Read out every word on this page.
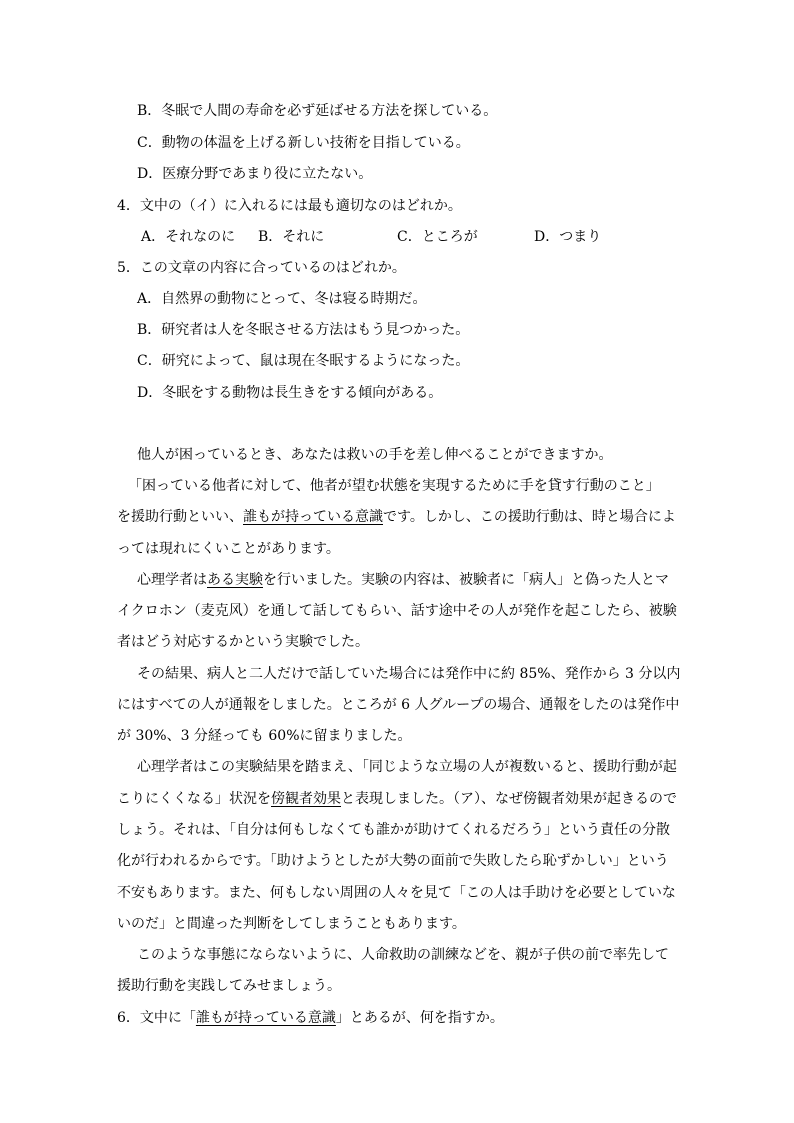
B．冬眠で人間の寿命を必ず延ばせる方法を探している。
C．動物の体温を上げる新しい技術を目指している。
D．医療分野であまり役に立たない。
4．文中の（イ）に入れるには最も適切なのはどれか。
A．それなのに B．それに	C．ところが	D．つまり
5．この文章の内容に合っているのはどれか。
A．自然界の動物にとって、冬は寝る時期だ。
B．研究者は人を冬眠させる方法はもう見つかった。
C．研究によって、鼠は現在冬眠するようになった。
D．冬眠をする動物は長生きをする傾向がある。
他人が困っているとき、あなたは救いの手を差し伸べることができますか。
「困っている他者に対して、他者が望む状態を実現するために手を貸す行動のこと」
を援助行動といい、誰もが持っている意識です。しかし、この援助行動は、時と場合によ
っては現れにくいことがあります。
心理学者はある実験を行いました。実験の内容は、被験者に「病人」と偽った人とマ
イクロホン（麦克风）を通して話してもらい、話す途中その人が発作を起こしたら、被験
者はどう対応するかという実験でした。
その結果、病人と二人だけで話していた場合には発作中に約 85%、発作から 3 分以内
にはすべての人が通報をしました。ところが 6 人グループの場合、通報をしたのは発作中
が 30%、3 分経っても 60%に留まりました。
心理学者はこの実験結果を踏まえ、「同じような立場の人が複数いると、援助行動が起
こりにくくなる」状況を傍観者効果と表現しました。（ア）、なぜ傍観者効果が起きるので
しょう。それは、「自分は何もしなくても誰かが助けてくれるだろう」という責任の分散
化が行われるからです。「助けようとしたが大勢の面前で失敗したら恥ずかしい」という
不安もあります。また、何もしない周囲の人々を見て「この人は手助けを必要としていな
いのだ」と間違った判断をしてしまうこともあります。
このような事態にならないように、人命救助の訓練などを、親が子供の前で率先して
援助行動を実践してみせましょう。
6．文中に「誰もが持っている意識」とあるが、何を指すか。
